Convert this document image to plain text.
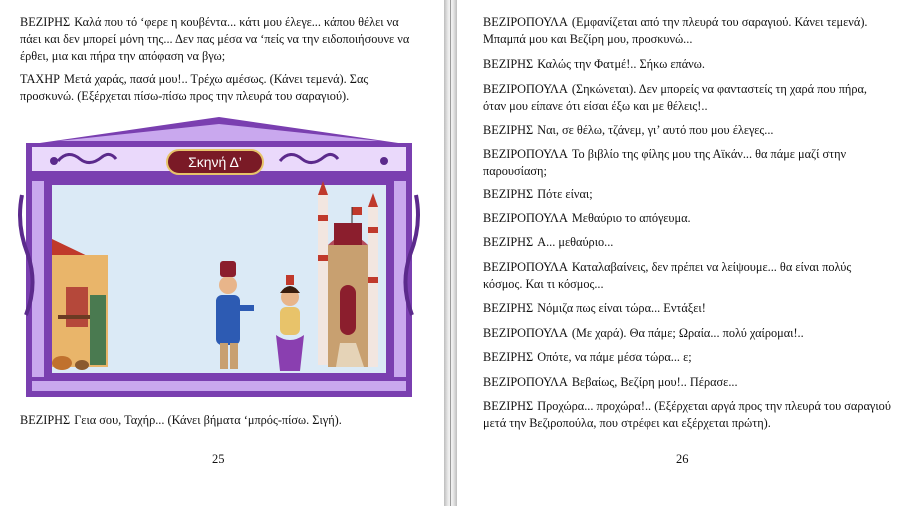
ΒΕΖΙΡΗΣ Καλά που τό ‘φερε η κουβέντα... κάτι μου έλεγε... κάπου θέλει να πάει και δεν μπορεί μόνη της... Δεν πας μέσα να ‘πείς να την ειδοποιήσουνε να έρθει, μια και πήρα την απόφαση να βγω;

ΤΑΧΗΡ Μετά χαράς, πασά μου!.. Τρέχω αμέσως. (Κάνει τεμενά). Σας προσκυνώ. (Εξέρχεται πίσω-πίσω προς την πλευρά του σαραγιού).

Σκηνή Δ’

ΒΕΖΙΡΗΣ Γεια σου, Ταχήρ... (Κάνει βήματα ‘μπρός-πίσω. Σιγή).

25

ΒΕΖΙΡΟΠΟΥΛΑ (Εμφανίζεται από την πλευρά του σαραγιού. Κάνει τεμενά). Μπαμπά μου και Βεζίρη μου, προσκυνώ...

ΒΕΖΙΡΗΣ Καλώς την Φατμέ!.. Σήκω επάνω.

ΒΕΖΙΡΟΠΟΥΛΑ (Σηκώνεται). Δεν μπορείς να φανταστείς τη χαρά που πήρα, όταν μου είπανε ότι είσαι έξω και με θέλεις!..

ΒΕΖΙΡΗΣ Ναι, σε θέλω, τζάνεμ, γι’ αυτό που μου έλεγες...

ΒΕΖΙΡΟΠΟΥΛΑ Το βιβλίο της φίλης μου της Αϊκάν... θα πάμε μαζί στην παρουσίαση;

ΒΕΖΙΡΗΣ Πότε είναι;

ΒΕΖΙΡΟΠΟΥΛΑ Μεθαύριο το απόγευμα.

ΒΕΖΙΡΗΣ Α... μεθαύριο...

ΒΕΖΙΡΟΠΟΥΛΑ Καταλαβαίνεις, δεν πρέπει να λείψουμε... θα είναι πολύς κόσμος. Και τι κόσμος...

ΒΕΖΙΡΗΣ Νόμιζα πως είναι τώρα... Εντάξει!

ΒΕΖΙΡΟΠΟΥΛΑ (Με χαρά). Θα πάμε; Ωραία... πολύ χαίρομαι!..

ΒΕΖΙΡΗΣ Οπότε, να πάμε μέσα τώρα... ε;

ΒΕΖΙΡΟΠΟΥΛΑ Βεβαίως, Βεζίρη μου!.. Πέρασε...

ΒΕΖΙΡΗΣ Προχώρα... προχώρα!.. (Εξέρχεται αργά προς την πλευρά του σαραγιού μετά την Βεζιροπούλα, που στρέφει και εξέρχεται πρώτη).

26
